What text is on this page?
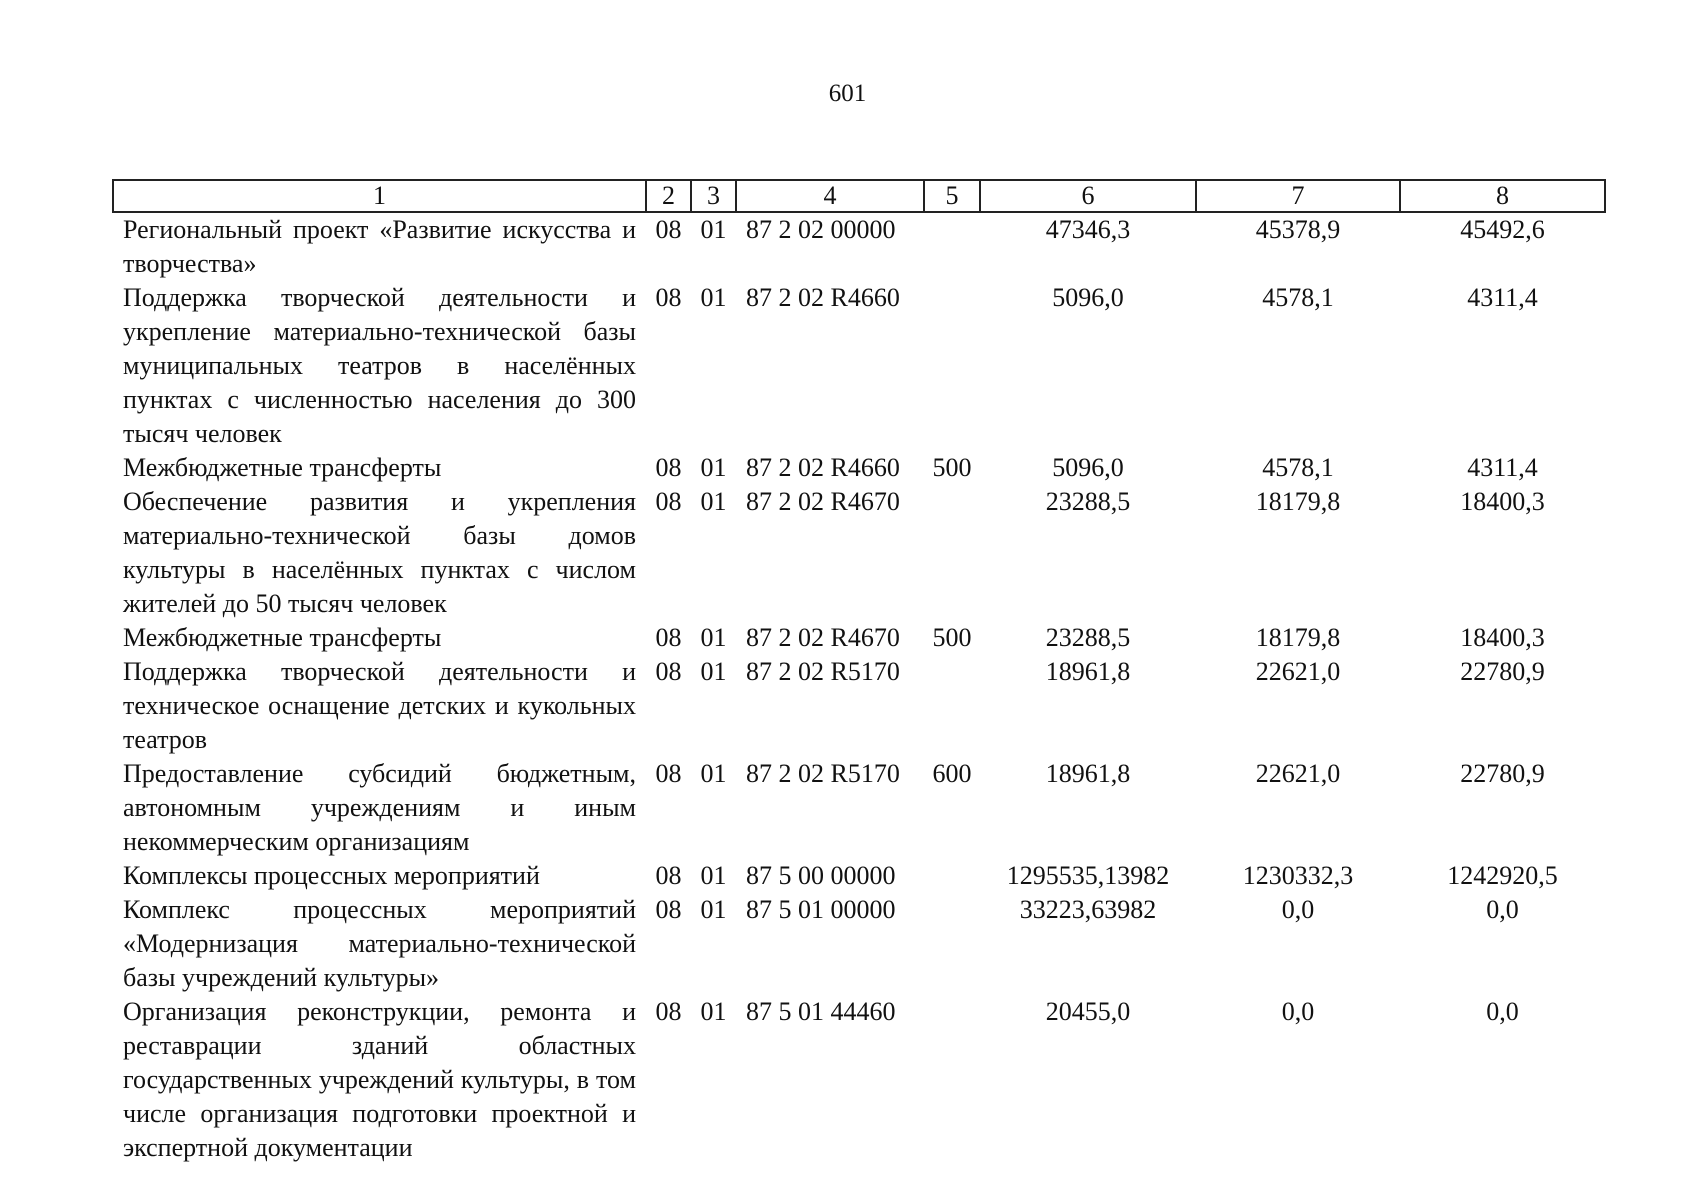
601
1	2	3	4	5	6	7	8
Региональный проект «Развитие искусства и творчества»	08	01	87 2 02 00000		47346,3	45378,9	45492,6
Поддержка творческой деятельности и укрепление материально-технической базы муниципальных театров в населённых пунктах с численностью населения до 300 тысяч человек	08	01	87 2 02 R4660		5096,0	4578,1	4311,4
Межбюджетные трансферты	08	01	87 2 02 R4660	500	5096,0	4578,1	4311,4
Обеспечение развития и укрепления материально-технической базы домов культуры в населённых пунктах с числом жителей до 50 тысяч человек	08	01	87 2 02 R4670		23288,5	18179,8	18400,3
Межбюджетные трансферты	08	01	87 2 02 R4670	500	23288,5	18179,8	18400,3
Поддержка творческой деятельности и техническое оснащение детских и кукольных театров	08	01	87 2 02 R5170		18961,8	22621,0	22780,9
Предоставление субсидий бюджетным, автономным учреждениям и иным некоммерческим организациям	08	01	87 2 02 R5170	600	18961,8	22621,0	22780,9
Комплексы процессных мероприятий	08	01	87 5 00 00000		1295535,13982	1230332,3	1242920,5
Комплекс процессных мероприятий «Модернизация материально-технической базы учреждений культуры»	08	01	87 5 01 00000		33223,63982	0,0	0,0
Организация реконструкции, ремонта и реставрации зданий областных государственных учреждений культуры, в том числе организация подготовки проектной и экспертной документации	08	01	87 5 01 44460		20455,0	0,0	0,0
